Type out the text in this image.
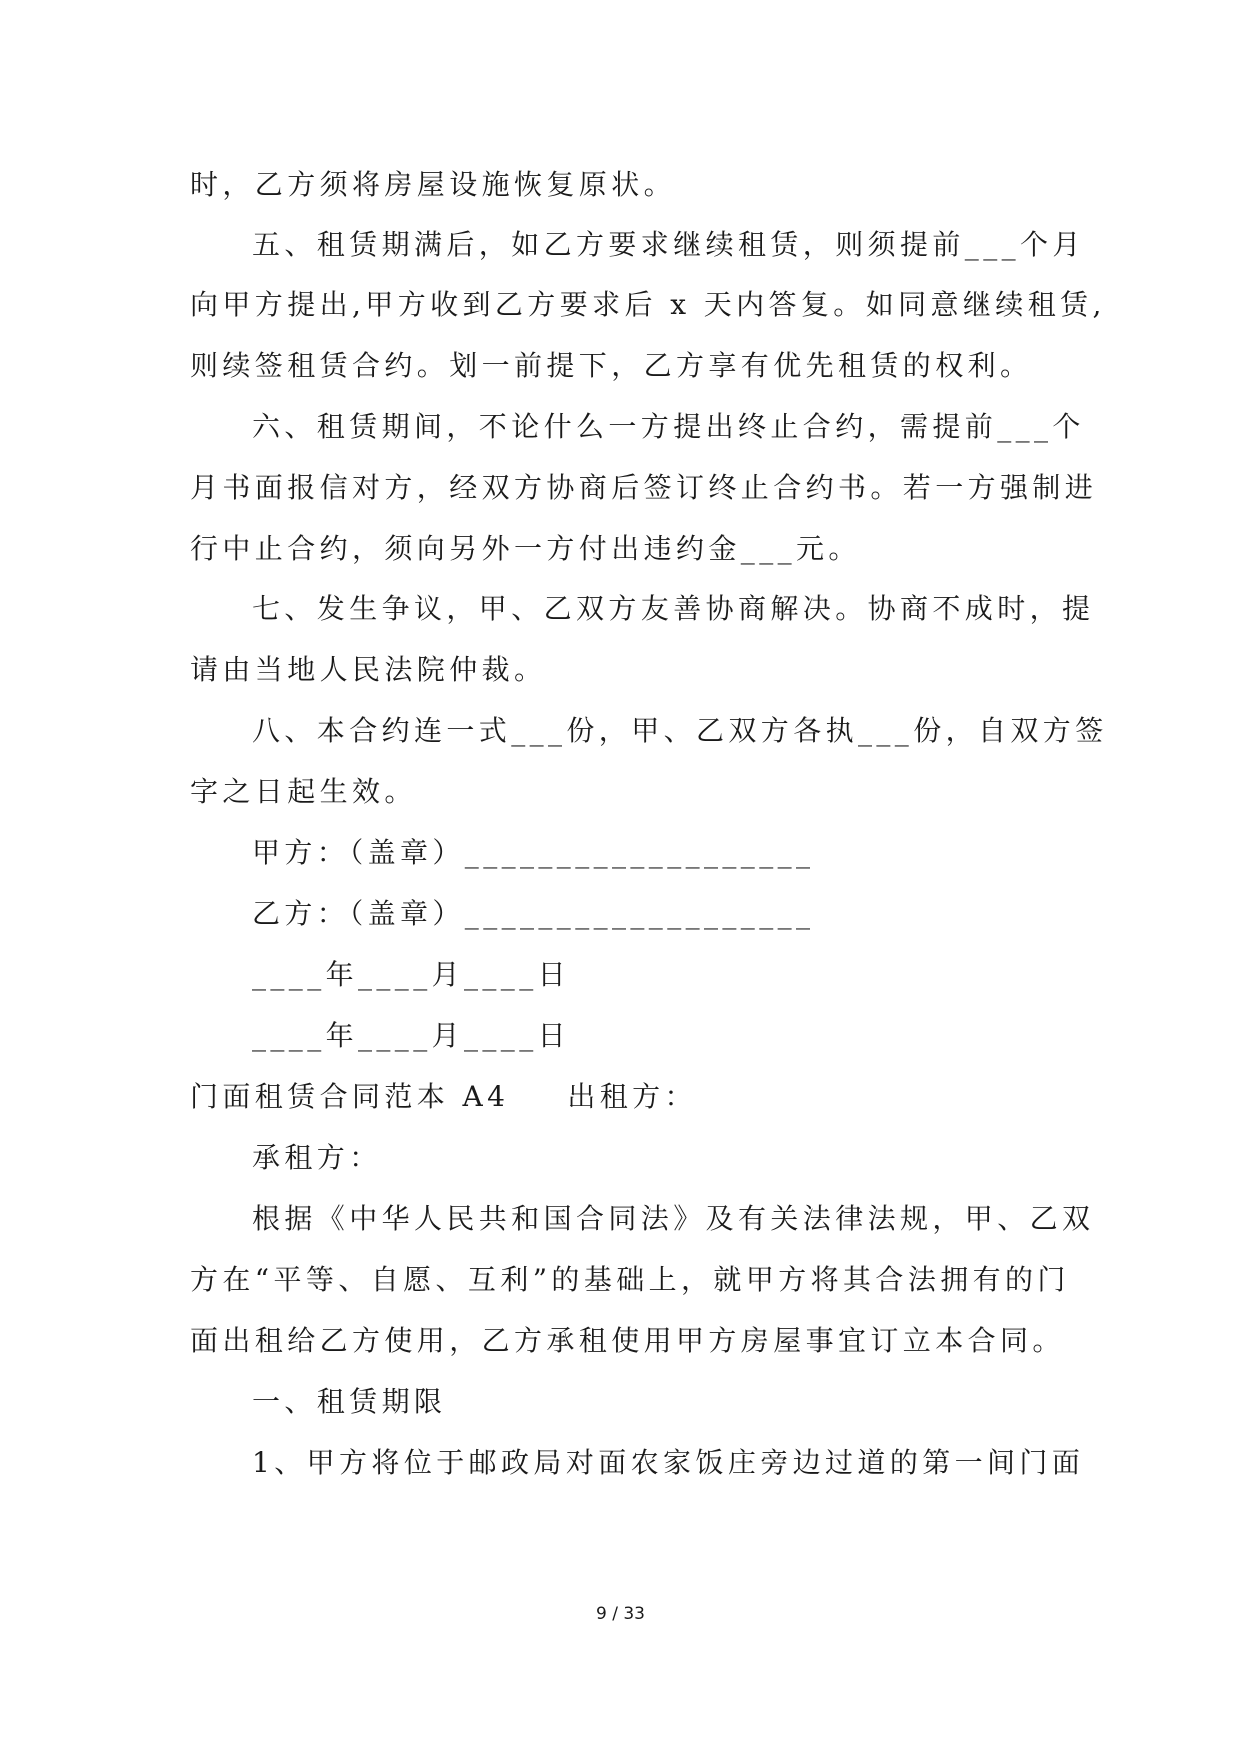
时，乙方须将房屋设施恢复原状。
五、租赁期满后，如乙方要求继续租赁，则须提前___个月
向甲方提出,甲方收到乙方要求后 x 天内答复。如同意继续租赁,
则续签租赁合约。划一前提下，乙方享有优先租赁的权利。
六、租赁期间，不论什么一方提出终止合约，需提前___个
月书面报信对方，经双方协商后签订终止合约书。若一方强制进
行中止合约，须向另外一方付出违约金___元。
七、发生争议，甲、乙双方友善协商解决。协商不成时，提
请由当地人民法院仲裁。
八、本合约连一式___份，甲、乙双方各执___份，自双方签
字之日起生效。
甲方：（盖章）___________________
乙方：（盖章）___________________
____年____月____日
____年____月____日
门面租赁合同范本 A4 出租方：
承租方：
根据《中华人民共和国合同法》及有关法律法规，甲、乙双
方在“平等、自愿、互利”的基础上，就甲方将其合法拥有的门
面出租给乙方使用，乙方承租使用甲方房屋事宜订立本合同。
一、租赁期限
1、甲方将位于邮政局对面农家饭庄旁边过道的第一间门面
9 / 33
